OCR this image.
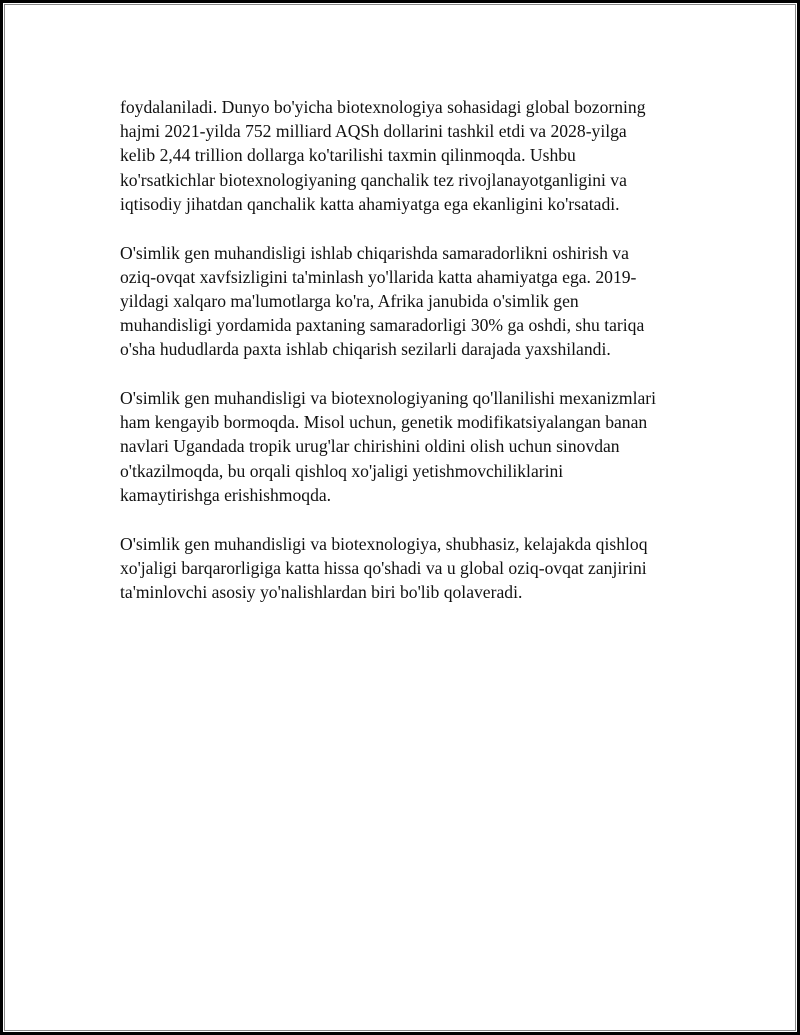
foydalaniladi. Dunyo bo'yicha biotexnologiya sohasidagi global bozorning
hajmi 2021-yilda 752 milliard AQSh dollarini tashkil etdi va 2028-yilga
kelib 2,44 trillion dollarga ko'tarilishi taxmin qilinmoqda. Ushbu
ko'rsatkichlar biotexnologiyaning qanchalik tez rivojlanayotganligini va
iqtisodiy jihatdan qanchalik katta ahamiyatga ega ekanligini ko'rsatadi.

O'simlik gen muhandisligi ishlab chiqarishda samaradorlikni oshirish va
oziq-ovqat xavfsizligini ta'minlash yo'llarida katta ahamiyatga ega. 2019-
yildagi xalqaro ma'lumotlarga ko'ra, Afrika janubida o'simlik gen
muhandisligi yordamida paxtaning samaradorligi 30% ga oshdi, shu tariqa
o'sha hududlarda paxta ishlab chiqarish sezilarli darajada yaxshilandi.

O'simlik gen muhandisligi va biotexnologiyaning qo'llanilishi mexanizmlari
ham kengayib bormoqda. Misol uchun, genetik modifikatsiyalangan banan
navlari Ugandada tropik urug'lar chirishini oldini olish uchun sinovdan
o'tkazilmoqda, bu orqali qishloq xo'jaligi yetishmovchiliklarini
kamaytirishga erishishmoqda.

O'simlik gen muhandisligi va biotexnologiya, shubhasiz, kelajakda qishloq
xo'jaligi barqarorligiga katta hissa qo'shadi va u global oziq-ovqat zanjirini
ta'minlovchi asosiy yo'nalishlardan biri bo'lib qolaveradi.
